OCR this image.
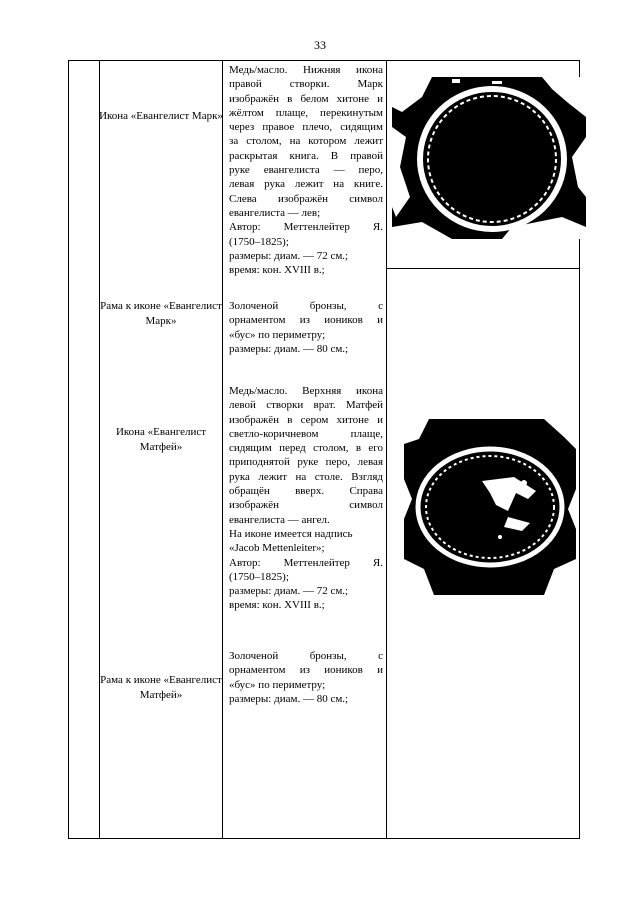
33
Икона «Евангелист Марк»
Медь/масло. Нижняя икона
правой створки. Марк
изображён в белом хитоне и
жёлтом плаще, перекинутым
через правое плечо, сидящим
за столом, на котором лежит
раскрытая книга. В правой
руке евангелиста — перо,
левая рука лежит на книге.
Слева изображён символ
евангелиста — лев;
Автор: Меттенлейтер Я.
(1750–1825);
размеры: диам. — 72 см.;
время: кон. XVIII в.;
Рама к иконе «Евангелист Марк»
Золоченой бронзы, с
орнаментом из иоников и
«бус» по периметру;
размеры: диам. — 80 см.;
Икона «Евангелист Матфей»
Медь/масло. Верхняя икона
левой створки врат. Матфей
изображён в сером хитоне и
светло-коричневом плаще,
сидящим перед столом, в его
приподнятой руке перо, левая
рука лежит на столе. Взгляд
обращён вверх. Справа
изображён символ
евангелиста — ангел.
На иконе имеется надпись
«Jacob Mettenleiter»;
Автор: Меттенлейтер Я.
(1750–1825);
размеры: диам. — 72 см.;
время: кон. XVIII в.;
Рама к иконе «Евангелист Матфей»
Золоченой бронзы, с
орнаментом из иоников и
«бус» по периметру;
размеры: диам. — 80 см.;
